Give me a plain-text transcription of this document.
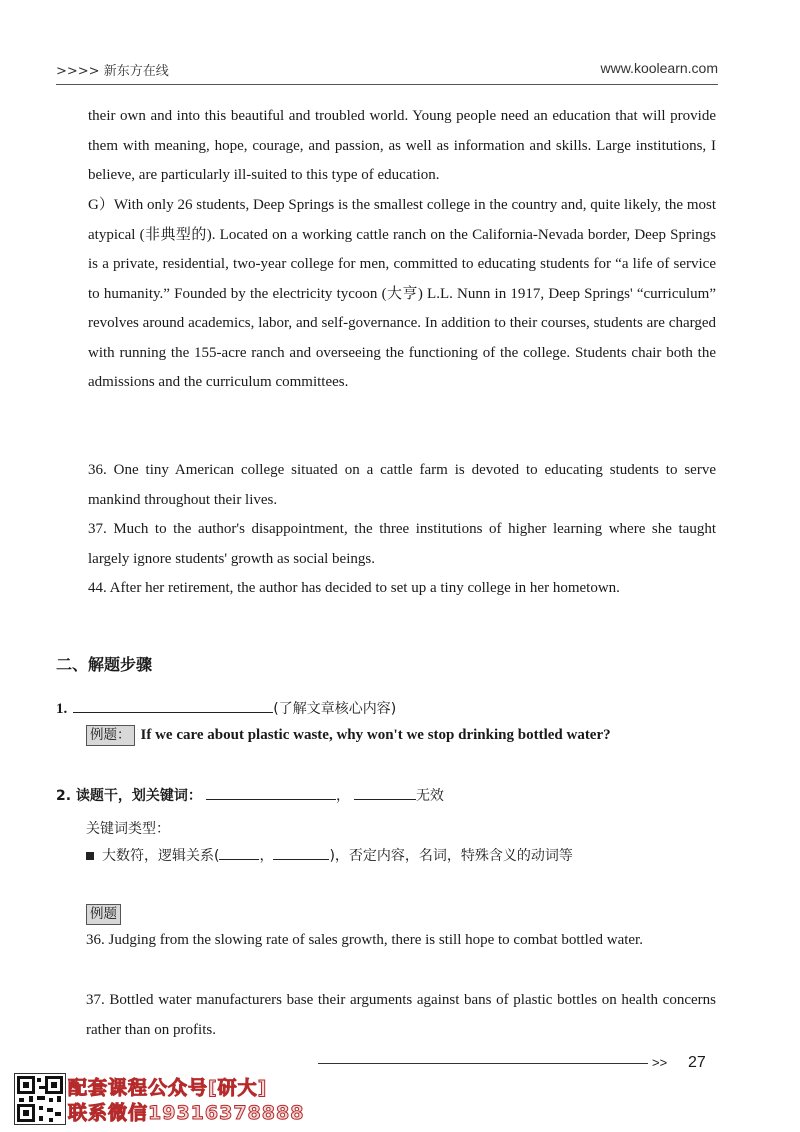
>>>> 新东方在线	www.koolearn.com

their own and into this beautiful and troubled world. Young people need an education that will provide them with meaning, hope, courage, and passion, as well as information and skills. Large institutions, I believe, are particularly ill-suited to this type of education.

G）With only 26 students, Deep Springs is the smallest college in the country and, quite likely, the most atypical (非典型的). Located on a working cattle ranch on the California-Nevada border, Deep Springs is a private, residential, two-year college for men, committed to educating students for “a life of service to humanity.” Founded by the electricity tycoon (大亨) L.L. Nunn in 1917, Deep Springs' “curriculum” revolves around academics, labor, and self-governance. In addition to their courses, students are charged with running the 155-acre ranch and overseeing the functioning of the college. Students chair both the admissions and the curriculum committees.

36. One tiny American college situated on a cattle farm is devoted to educating students to serve mankind throughout their lives.

37. Much to the author's disappointment, the three institutions of higher learning where she taught largely ignore students' growth as social beings.

44. After her retirement, the author has decided to set up a tiny college in her hometown.

二、解题步骤
1.	(了解文章核心内容)
例题： If we care about plastic waste, why won't we stop drinking bottled water?
2. 读题干，划关键词：	，	无效
关键词类型：
大数符，逻辑关系(	，	)，否定内容，名词，特殊含义的动词等
例题

36. Judging from the slowing rate of sales growth, there is still hope to combat bottled water.

37. Bottled water manufacturers base their arguments against bans of plastic bottles on health concerns rather than on profits.

>> 27
配套课程公众号[研大]
联系微信19316378888
